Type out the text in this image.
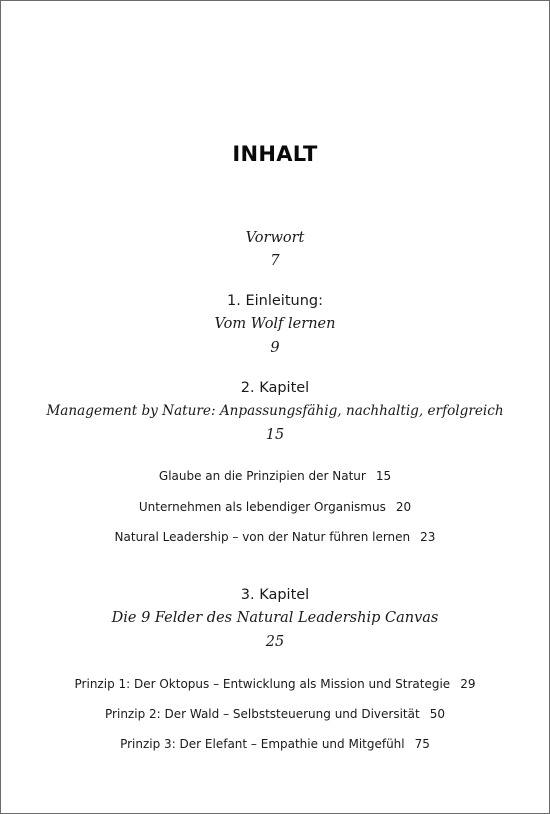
INHALT
Vorwort
7
1. Einleitung:
Vom Wolf lernen
9
2. Kapitel
Management by Nature: Anpassungsfähig, nachhaltig, erfolgreich
15
Glaube an die Prinzipien der Natur 15
Unternehmen als lebendiger Organismus 20
Natural Leadership – von der Natur führen lernen 23
3. Kapitel
Die 9 Felder des Natural Leadership Canvas
25
Prinzip 1: Der Oktopus – Entwicklung als Mission und Strategie 29
Prinzip 2: Der Wald – Selbststeuerung und Diversität 50
Prinzip 3: Der Elefant – Empathie und Mitgefühl 75
